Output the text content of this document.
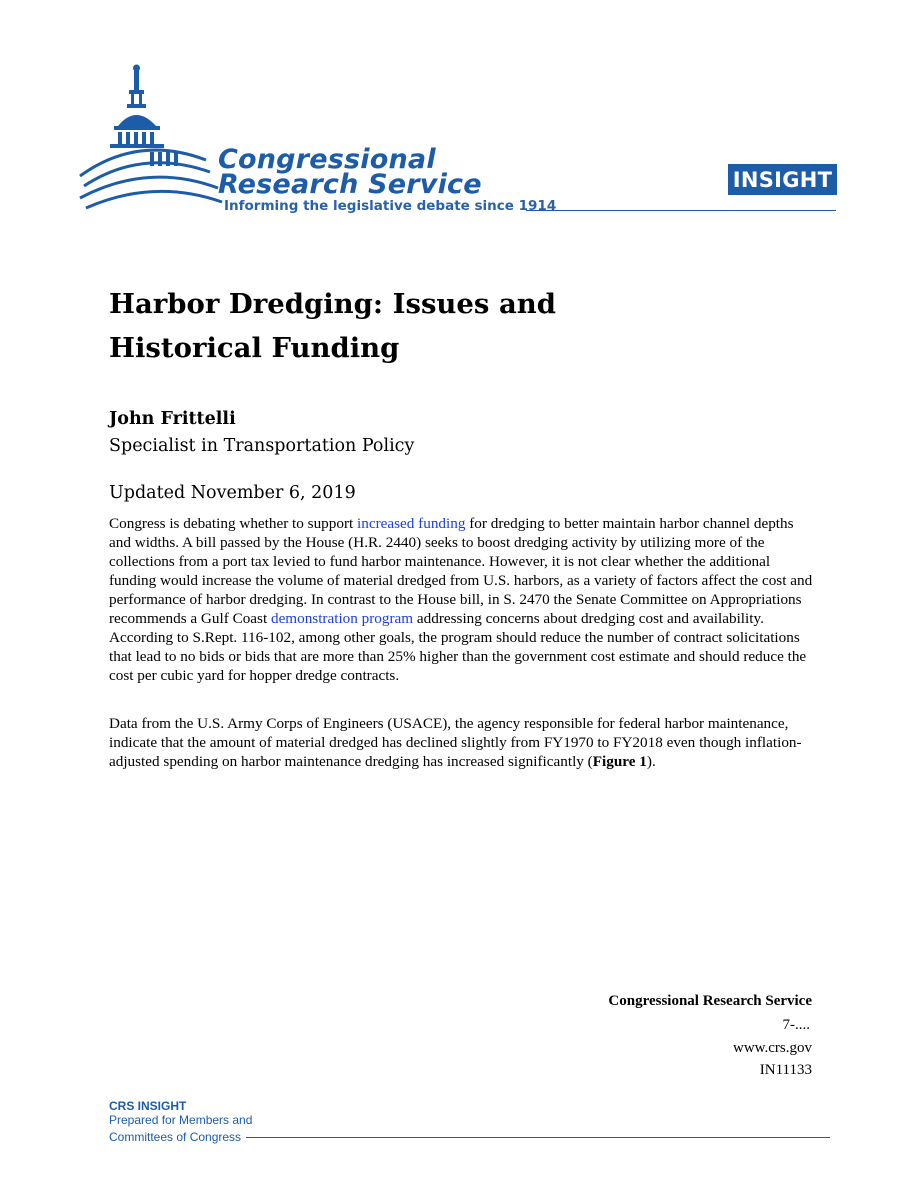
Congressional
Research Service
Informing the legislative debate since 1914
INSIGHT
Harbor Dredging: Issues and
Historical Funding
John Frittelli
Specialist in Transportation Policy
Updated November 6, 2019

Congress is debating whether to support increased funding for dredging to better maintain harbor channel depths and widths. A bill passed by the House (H.R. 2440) seeks to boost dredging activity by utilizing more of the collections from a port tax levied to fund harbor maintenance. However, it is not clear whether the additional funding would increase the volume of material dredged from U.S. harbors, as a variety of factors affect the cost and performance of harbor dredging. In contrast to the House bill, in S. 2470 the Senate Committee on Appropriations recommends a Gulf Coast demonstration program addressing concerns about dredging cost and availability. According to S.Rept. 116-102, among other goals, the program should reduce the number of contract solicitations that lead to no bids or bids that are more than 25% higher than the government cost estimate and should reduce the cost per cubic yard for hopper dredge contracts.

Data from the U.S. Army Corps of Engineers (USACE), the agency responsible for federal harbor maintenance, indicate that the amount of material dredged has declined slightly from FY1970 to FY2018 even though inflation-adjusted spending on harbor maintenance dredging has increased significantly (Figure 1).

Congressional Research Service
7-....
www.crs.gov
IN11133
CRS INSIGHT
Prepared for Members and
Committees of Congress
